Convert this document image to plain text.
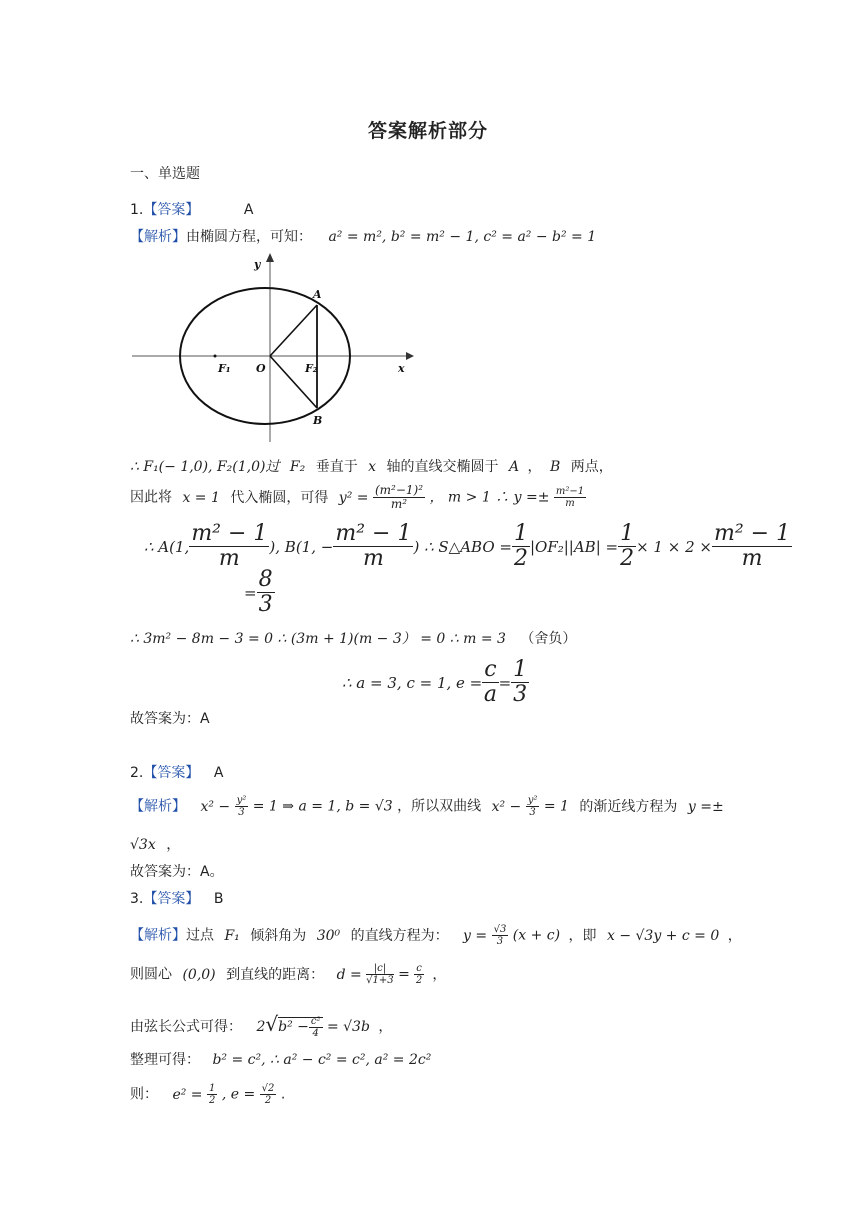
答案解析部分
一、单选题
1.【答案】	A
【解析】由椭圆方程，可知： a² = m², b² = m² − 1, c² = a² − b² = 1
y
x
A
B
O
F₁	F₂
∴ F₁(− 1,0), F₂(1,0)过 F₂ 垂直于 x 轴的直线交椭圆于 A ， B 两点，
因此将 x = 1 代入椭圆，可得 $y^2 = \frac{\text{(m²−1)²}}{\text{m²}}$ ， m > 1 ∴ $y =\pm \frac{\text{m²−1}}{m}$
∴ A(1, $\frac{\text{m² − 1}}{m}$ ), B(1, − $\frac{\text{m² − 1}}{m}$ ) ∴ S△ABO = $\frac{1}{2} |OF_2||AB| = \frac{1}{2} \times 1 \times 2 \times \frac{\text{m² − 1}}{m}$
= $\frac{8}{3}$
∴ 3m² − 8m − 3 = 0 ∴ (3m + 1)(m − 3） = 0 ∴ m = 3 （舍负）
∴ a = 3, c = 1, $e = \frac{c}{a} = \frac{1}{3}$
故答案为：A
2.【答案】 A
【解析】 $x^2 - \frac{\text{y²}}{3} = 1$ ⇒ a = 1, b = √3 ，所以双曲线 $x^2 - \frac{\text{y²}}{3} = 1$ 的渐近线方程为 y =±
√3x ，
故答案为：A。
3.【答案】 B
【解析】过点 F₁ 倾斜角为 30⁰ 的直线方程为： $y = \frac{√3}{3} (x + c)$ ，即 x − √3y + c = 0 ，
则圆心 (0,0) 到直线的距离： $d = \frac{|c|}{√1+3} = \frac{c}{2}$ ，
由弦长公式可得： $2√b^2 - \frac{\text{c²}}{4} = √3b$ ，
整理可得： b² = c², ∴ a² − c² = c², a² = 2c²
则： $e^2 = \frac{1}{2}$ , $e = \frac{√2}{2}$ .
